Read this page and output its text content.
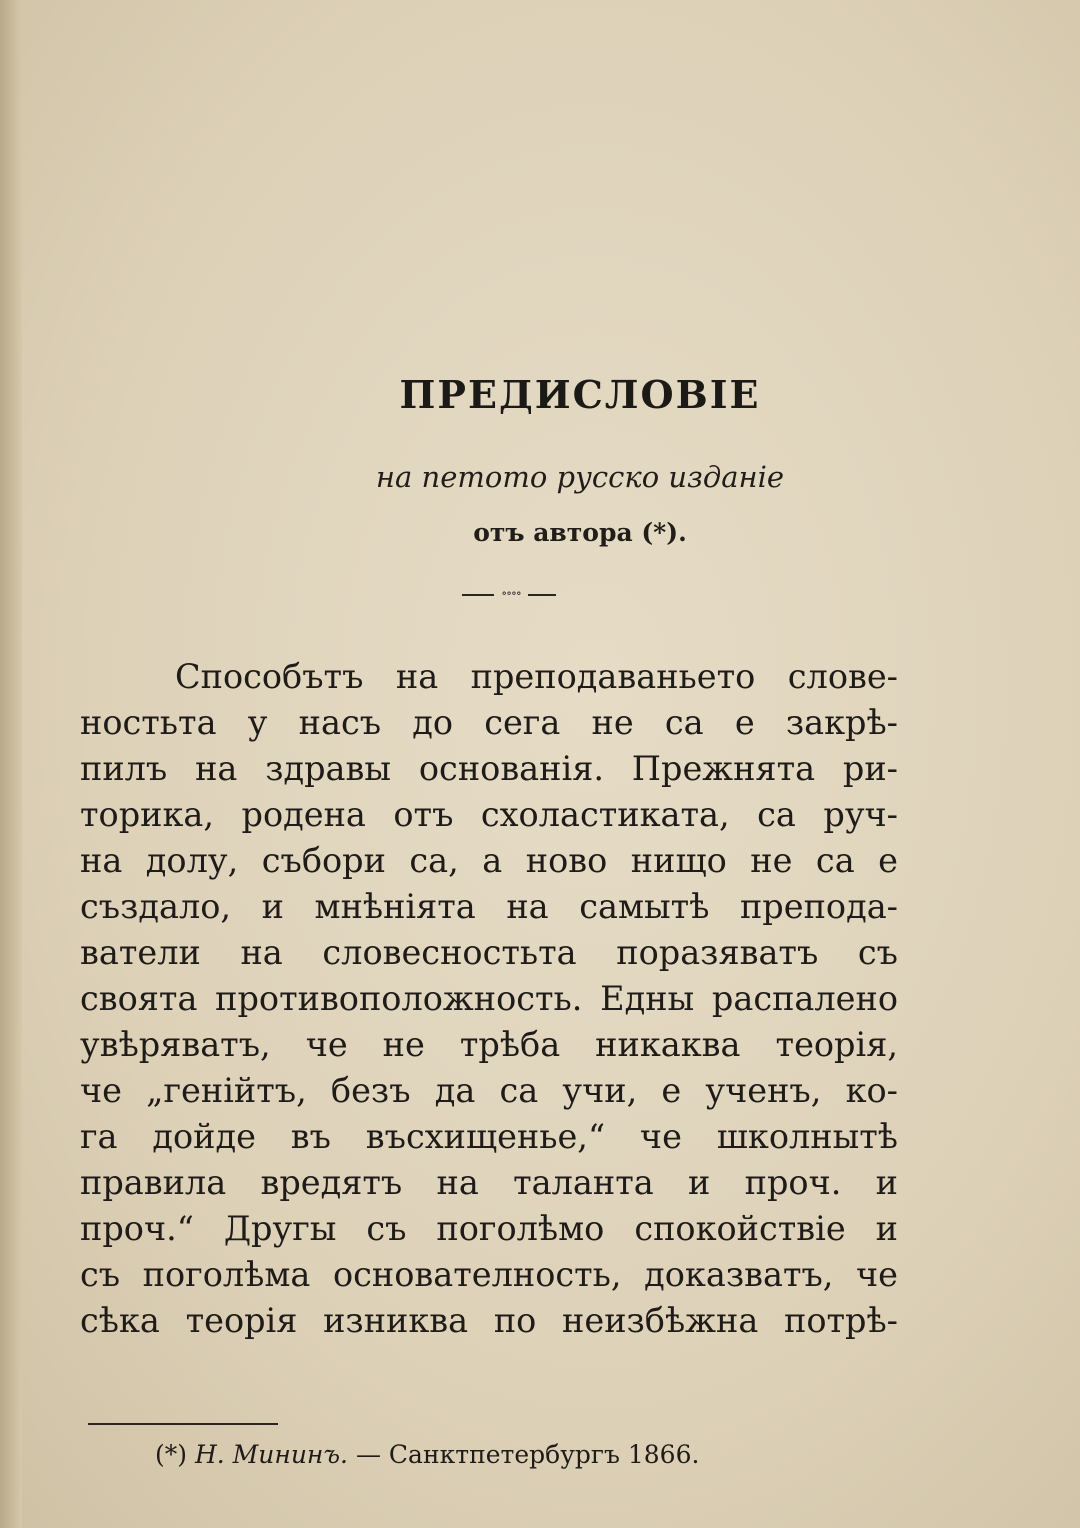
ПРЕДИСЛОВІЕ
на петото русско изданіе
отъ автора (*).
∘∘∘∘
Способътъ на преподаваньето слове-
ностьта у насъ до сега не са е закрѣ-
пилъ на здравы основанія. Прежнята ри-
торика, родена отъ схоластиката, са руч-
на долу, събори са, а ново нищо не са е
създало, и мнѣніята на самытѣ препода-
ватели на словесностьта поразяватъ съ
своята противоположность. Едны распалено
увѣряватъ, че не трѣба никаква теорія,
че „генійтъ, безъ да са учи, е ученъ, ко-
га дойде въ въсхищенье,“ че школнытѣ
правила вредятъ на таланта и проч. и
проч.“ Другы съ поголѣмо спокойствіе и
съ поголѣма основателность, доказватъ, че
сѣка теорія изниква по неизбѣжна потрѣ-
(*) Н. Мининъ. — Санктпетербургъ 1866.
